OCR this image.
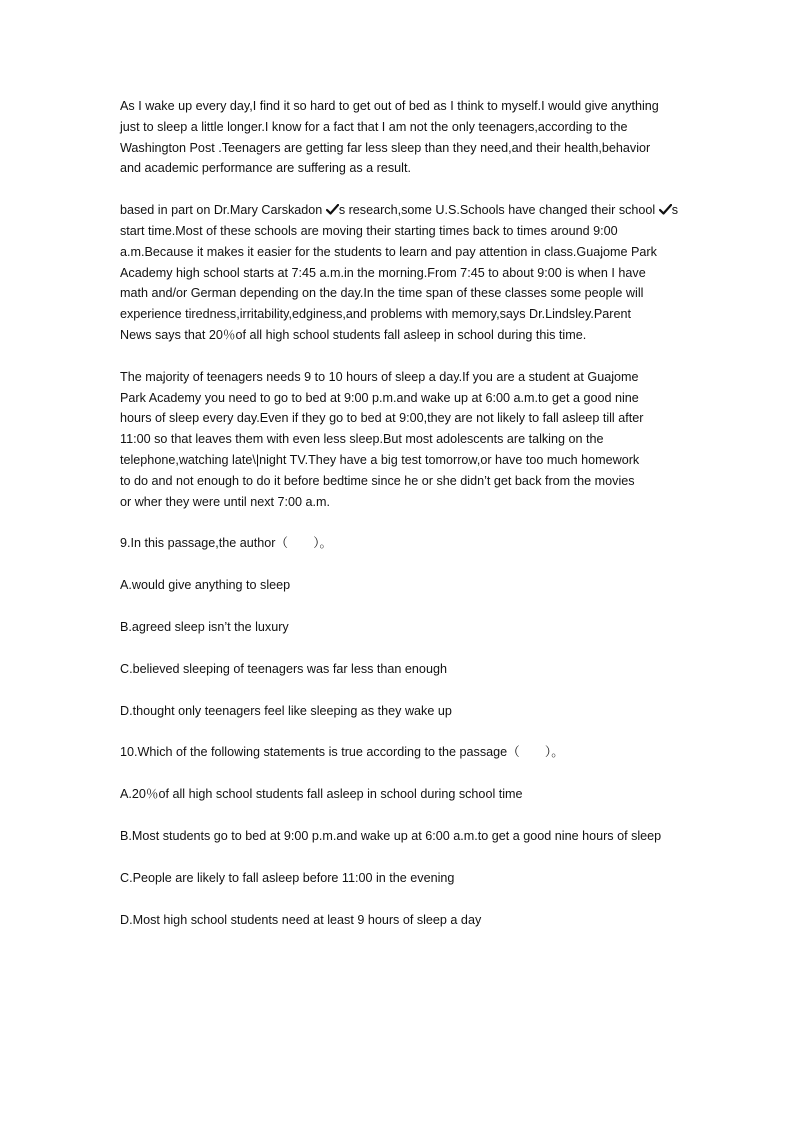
As I wake up every day,I find it so hard to get out of bed as I think to myself.I would give anything
just to sleep a little longer.I know for a fact that I am not the only teenagers,according to the
Washington Post .Teenagers are getting far less sleep than they need,and their health,behavior
and academic performance are suffering as a result.
based in part on Dr.Mary Carskadon s research,some U.S.Schools have changed their school s
start time.Most of these schools are moving their starting times back to times around 9:00
a.m.Because it makes it easier for the students to learn and pay attention in class.Guajome Park
Academy high school starts at 7:45 a.m.in the morning.From 7:45 to about 9:00 is when I have
math and/or German depending on the day.In the time span of these classes some people will
experience tiredness,irritability,edginess,and problems with memory,says Dr.Lindsley.Parent
News says that 20％of all high school students fall asleep in school during this time.
The majority of teenagers needs 9 to 10 hours of sleep a day.If you are a student at Guajome
Park Academy you need to go to bed at 9:00 p.m.and wake up at 6:00 a.m.to get a good nine
hours of sleep every day.Even if they go to bed at 9:00,they are not likely to fall asleep till after
11:00 so that leaves them with even less sleep.But most adolescents are talking on the
telephone,watching late\|night TV.They have a big test tomorrow,or have too much homework
to do and not enough to do it before bedtime since he or she didn’t get back from the movies
or wher they were until next 7:00 a.m.
9.In this passage,the author（　　）。
A.would give anything to sleep
B.agreed sleep isn’t the luxury
C.believed sleeping of teenagers was far less than enough
D.thought only teenagers feel like sleeping as they wake up
10.Which of the following statements is true according to the passage（　　）。
A.20％of all high school students fall asleep in school during school time
B.Most students go to bed at 9:00 p.m.and wake up at 6:00 a.m.to get a good nine hours of sleep
C.People are likely to fall asleep before 11:00 in the evening
D.Most high school students need at least 9 hours of sleep a day
